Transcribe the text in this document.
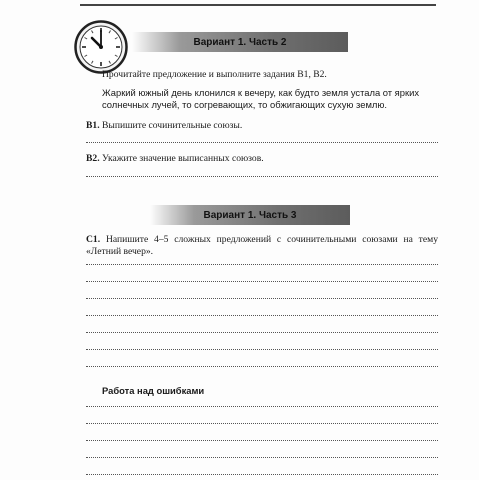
Вариант 1. Часть 2

Прочитайте предложение и выполните задания В1, В2.

Жаркий южный день клонился к вечеру, как будто земля устала от ярких солнечных лучей, то согревающих, то обжигающих сухую землю.

В1. Выпишите сочинительные союзы.

В2. Укажите значение выписанных союзов.

Вариант 1. Часть 3

С1. Напишите 4–5 сложных предложений с сочинительными союзами на тему «Летний вечер».

Работа над ошибками
